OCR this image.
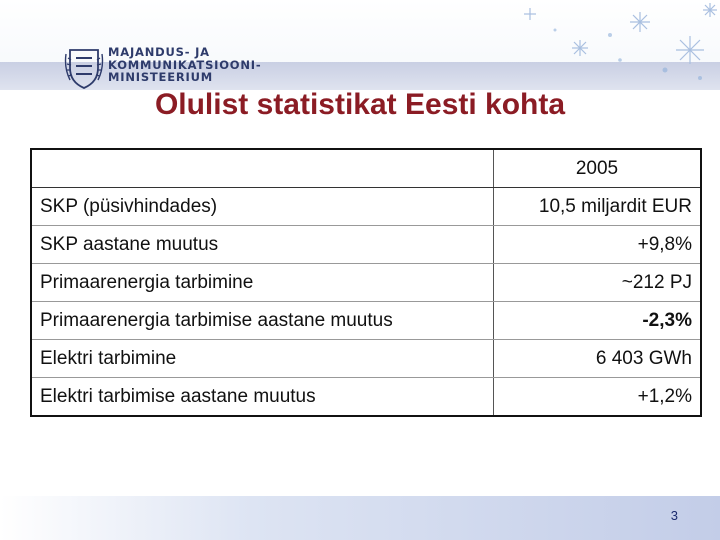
MAJANDUS- JA
KOMMUNIKATSIOONI-
MINISTEERIUM
Olulist statistikat Eesti kohta
	2005
SKP (püsivhindades)	10,5 miljardit EUR
SKP aastane muutus	+9,8%
Primaarenergia tarbimine	~212 PJ
Primaarenergia tarbimise aastane muutus	-2,3%
Elektri tarbimine	6 403 GWh
Elektri tarbimise aastane muutus	+1,2%
3
